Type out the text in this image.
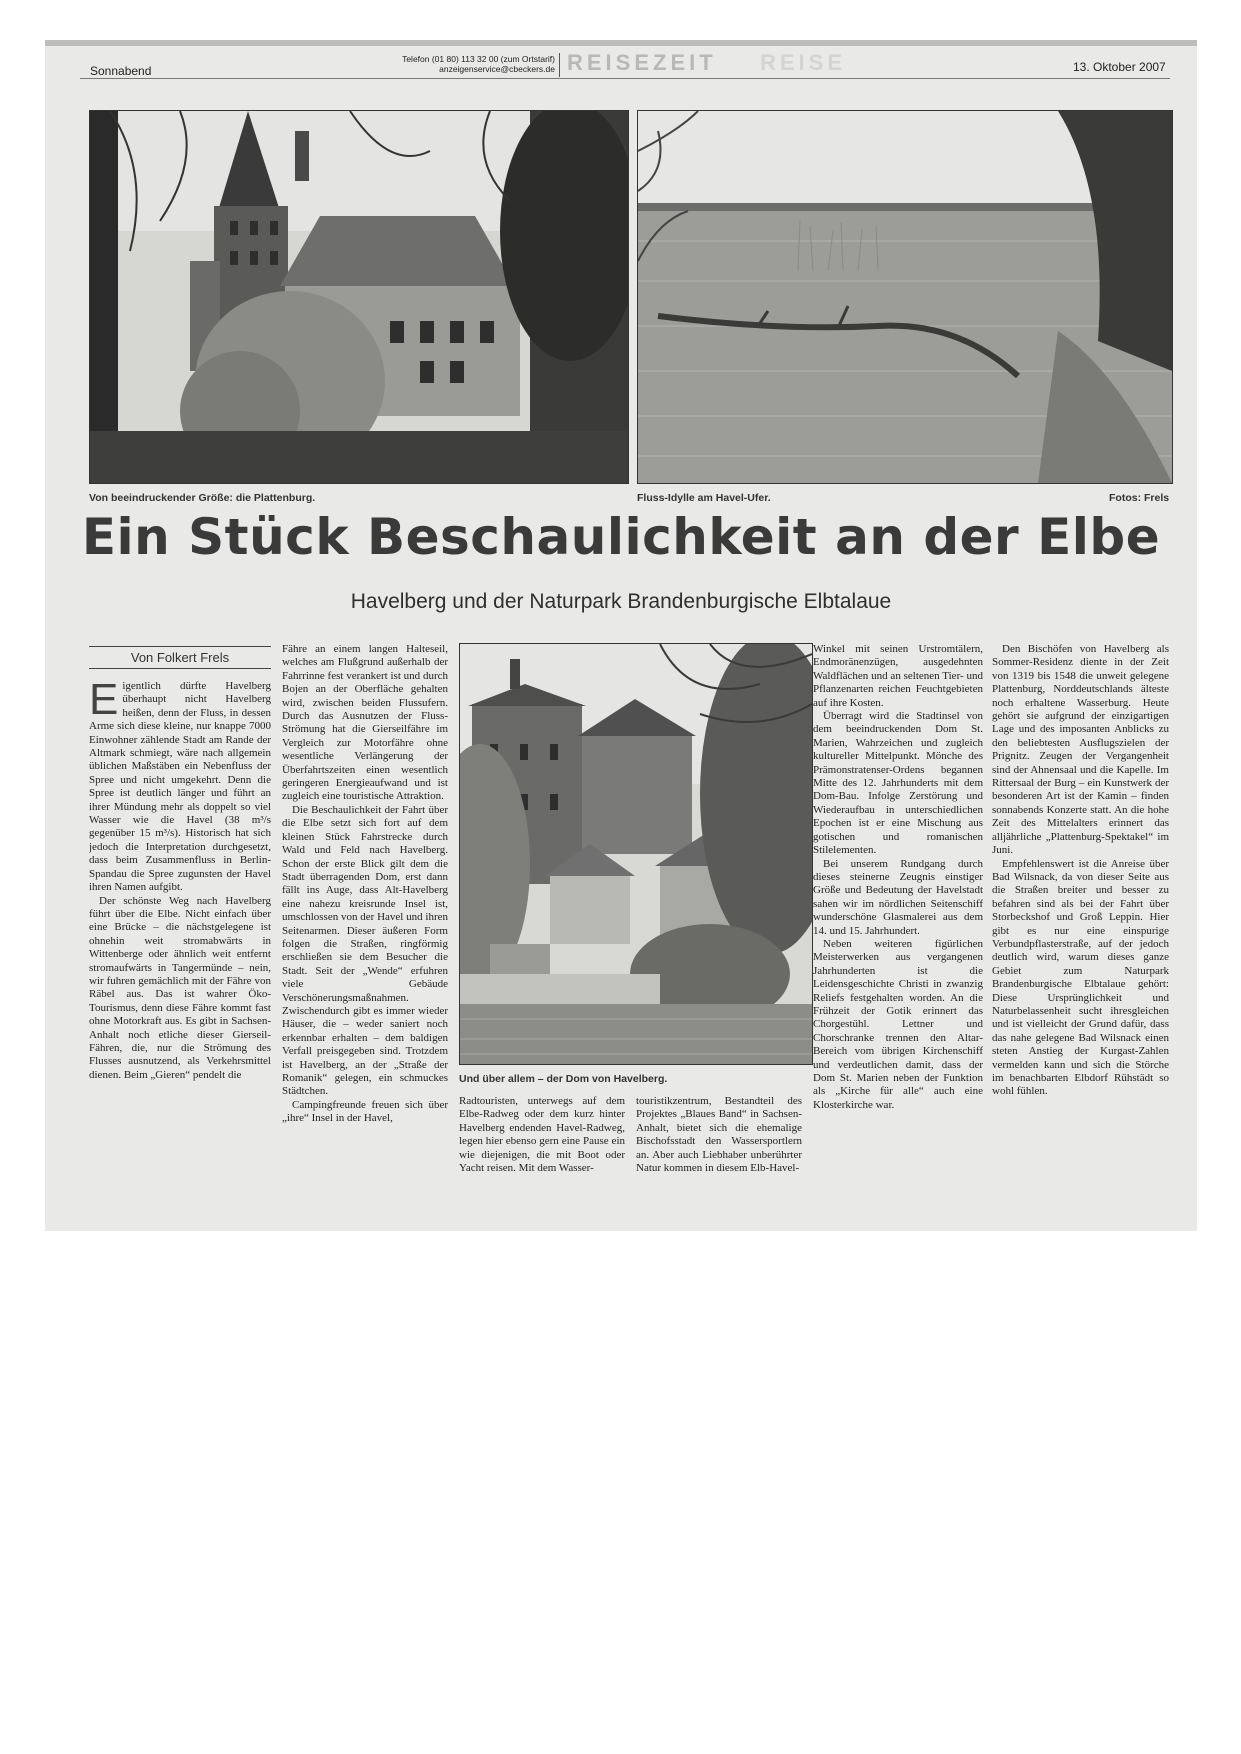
Sonnabend
Telefon (01 80) 113 32 00 (zum Ortstarif)
anzeigenservice@cbeckers.de REISEZEIT REISE	13. Oktober 2007
Von beeindruckender Größe: die Plattenburg.	Fluss-Idylle am Havel-Ufer.	Fotos: Frels
Ein Stück Beschaulichkeit an der Elbe
Havelberg und der Naturpark Brandenburgische Elbtalaue
Von Folkert Frels

Eigentlich dürfte Havelberg überhaupt nicht Havelberg heißen, denn der Fluss, in dessen Arme sich diese kleine, nur knappe 7000 Einwohner zählende Stadt am Rande der Altmark schmiegt, wäre nach allgemein üblichen Maßstäben ein Nebenfluss der Spree und nicht umgekehrt. Denn die Spree ist deutlich länger und führt an ihrer Mündung mehr als doppelt so viel Wasser wie die Havel (38 m³/s gegenüber 15 m³/s). Historisch hat sich jedoch die Interpretation durchgesetzt, dass beim Zusammenfluss in Berlin-Spandau die Spree zugunsten der Havel ihren Namen aufgibt.

Der schönste Weg nach Havelberg führt über die Elbe. Nicht einfach über eine Brücke – die nächstgelegene ist ohnehin weit stromabwärts in Wittenberge oder ähnlich weit entfernt stromaufwärts in Tangermünde – nein, wir fuhren gemächlich mit der Fähre von Räbel aus. Das ist wahrer Öko-Tourismus, denn diese Fähre kommt fast ohne Motorkraft aus. Es gibt in Sachsen-Anhalt noch etliche dieser Gierseil-Fähren, die, nur die Strömung des Flusses ausnutzend, als Verkehrsmittel dienen. Beim „Gieren“ pendelt die

Fähre an einem langen Halteseil, welches am Flußgrund außerhalb der Fahrrinne fest verankert ist und durch Bojen an der Oberfläche gehalten wird, zwischen beiden Flussufern. Durch das Ausnutzen der Fluss-Strömung hat die Gierseilfähre im Vergleich zur Motorfähre ohne wesentliche Verlängerung der Überfahrtszeiten einen wesentlich geringeren Energieaufwand und ist zugleich eine touristische Attraktion.

Die Beschaulichkeit der Fahrt über die Elbe setzt sich fort auf dem kleinen Stück Fahrstrecke durch Wald und Feld nach Havelberg. Schon der erste Blick gilt dem die Stadt überragenden Dom, erst dann fällt ins Auge, dass Alt-Havelberg eine nahezu kreisrunde Insel ist, umschlossen von der Havel und ihren Seitenarmen. Dieser äußeren Form folgen die Straßen, ringförmig erschließen sie dem Besucher die Stadt. Seit der „Wende“ erfuhren viele Gebäude Verschönerungsmaßnahmen. Zwischendurch gibt es immer wieder Häuser, die – weder saniert noch erkennbar erhalten – dem baldigen Verfall preisgegeben sind. Trotzdem ist Havelberg, an der „Straße der Romanik“ gelegen, ein schmuckes Städtchen.

Campingfreunde freuen sich über „ihre“ Insel in der Havel,

Und über allem – der Dom von Havelberg.

Radtouristen, unterwegs auf dem Elbe-Radweg oder dem kurz hinter Havelberg endenden Havel-Radweg, legen hier ebenso gern eine Pause ein wie diejenigen, die mit Boot oder Yacht reisen. Mit dem Wasser-

touristikzentrum, Bestandteil des Projektes „Blaues Band“ in Sachsen-Anhalt, bietet sich die ehemalige Bischofsstadt den Wassersportlern an. Aber auch Liebhaber unberührter Natur kommen in diesem Elb-Havel-

Winkel mit seinen Urstromtälern, Endmoränenzügen, ausgedehnten Waldflächen und an seltenen Tier- und Pflanzenarten reichen Feuchtgebieten auf ihre Kosten.

Überragt wird die Stadtinsel von dem beeindruckenden Dom St. Marien, Wahrzeichen und zugleich kultureller Mittelpunkt. Mönche des Prämonstratenser-Ordens begannen Mitte des 12. Jahrhunderts mit dem Dom-Bau. Infolge Zerstörung und Wiederaufbau in unterschiedlichen Epochen ist er eine Mischung aus gotischen und romanischen Stilelementen.

Bei unserem Rundgang durch dieses steinerne Zeugnis einstiger Größe und Bedeutung der Havelstadt sahen wir im nördlichen Seitenschiff wunderschöne Glasmalerei aus dem 14. und 15. Jahrhundert.

Neben weiteren figürlichen Meisterwerken aus vergangenen Jahrhunderten ist die Leidensgeschichte Christi in zwanzig Reliefs festgehalten worden. An die Frühzeit der Gotik erinnert das Chorgestühl. Lettner und Chorschranke trennen den Altar-Bereich vom übrigen Kirchenschiff und verdeutlichen damit, dass der Dom St. Marien neben der Funktion als „Kirche für alle“ auch eine Klosterkirche war.

Den Bischöfen von Havelberg als Sommer-Residenz diente in der Zeit von 1319 bis 1548 die unweit gelegene Plattenburg, Norddeutschlands älteste noch erhaltene Wasserburg. Heute gehört sie aufgrund der einzigartigen Lage und des imposanten Anblicks zu den beliebtesten Ausflugszielen der Prignitz. Zeugen der Vergangenheit sind der Ahnensaal und die Kapelle. Im Rittersaal der Burg – ein Kunstwerk der besonderen Art ist der Kamin – finden sonnabends Konzerte statt. An die hohe Zeit des Mittelalters erinnert das alljährliche „Plattenburg-Spektakel“ im Juni.

Empfehlenswert ist die Anreise über Bad Wilsnack, da von dieser Seite aus die Straßen breiter und besser zu befahren sind als bei der Fahrt über Storbeckshof und Groß Leppin. Hier gibt es nur eine einspurige Verbundpflasterstraße, auf der jedoch deutlich wird, warum dieses ganze Gebiet zum Naturpark Brandenburgische Elbtalaue gehört: Diese Ursprünglichkeit und Naturbelassenheit sucht ihresgleichen und ist vielleicht der Grund dafür, dass das nahe gelegene Bad Wilsnack einen steten Anstieg der Kurgast-Zahlen vermelden kann und sich die Störche im benachbarten Elbdorf Rühstädt so wohl fühlen.
